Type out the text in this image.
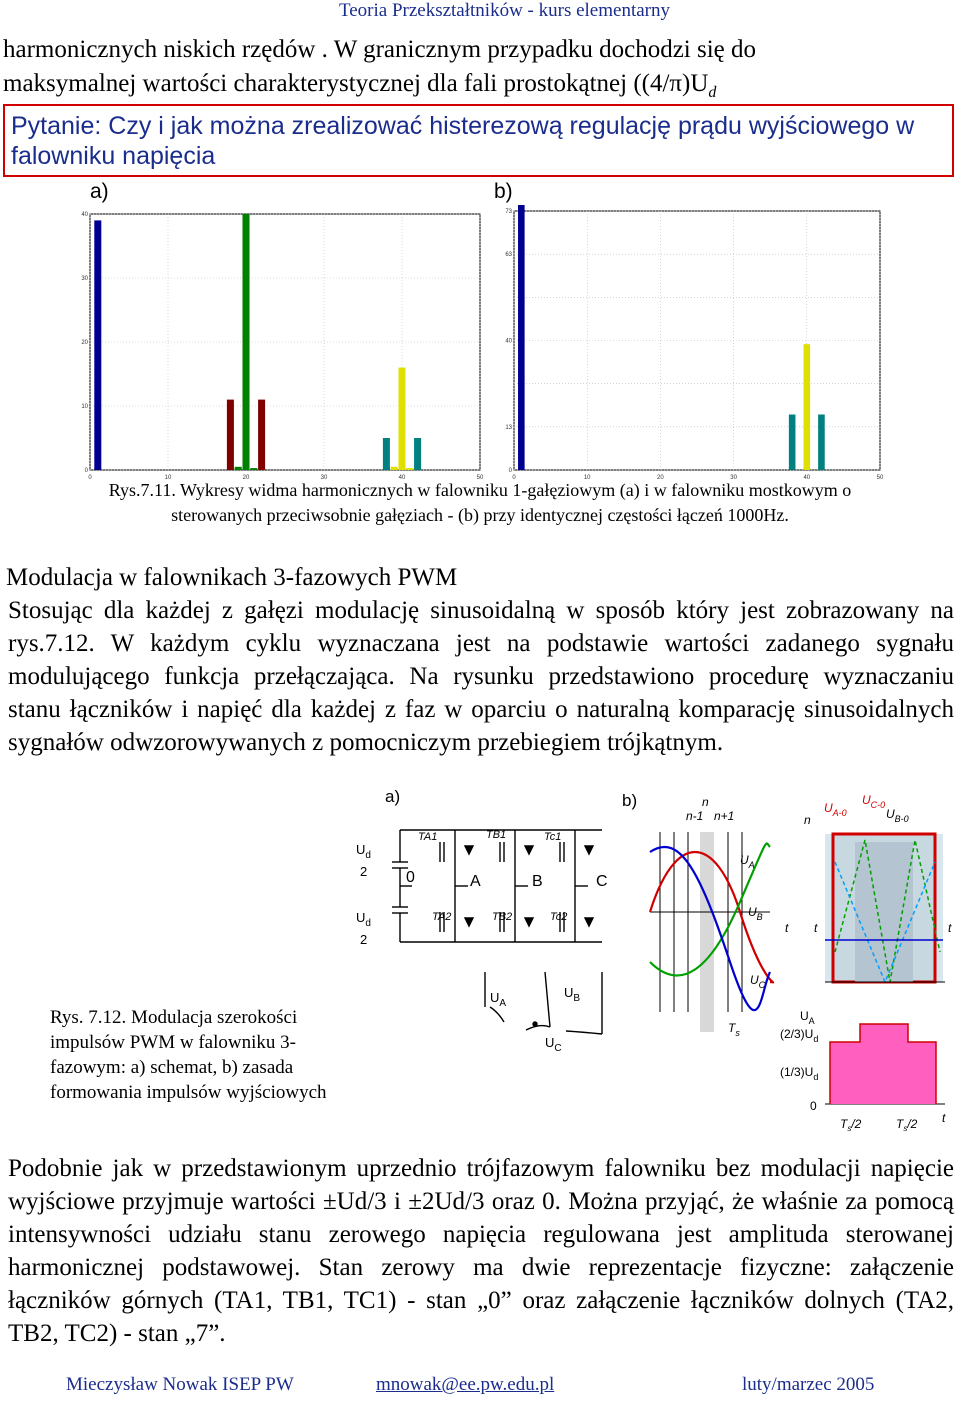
Teoria Przekształtników - kurs elementarny
harmonicznych niskich rzędów . W granicznym przypadku dochodzi się do
maksymalnej wartości charakterystycznej dla fali prostokątnej ($(4/\pi)U_d$
Pytanie: Czy i jak można zrealizować histerezową regulację prądu wyjściowego w falowniku napięcia
a)	b)
0	10	20	30	40	50
0
10
20
30
40
0	10	20	30	40	50
0
13
40
63
73
Rys.7.11. Wykresy widma harmonicznych w falowniku 1-gałęziowym (a) i w falowniku mostkowym o
sterowanych przeciwsobnie gałęziach - (b) przy identycznej częstości łączeń 1000Hz.
Modulacja w falownikach 3-fazowych PWM
Stosując dla każdej z gałęzi modulację sinusoidalną w sposób który jest zobrazowany na rys.7.12. W każdym cyklu wyznaczana jest na podstawie wartości zadanego sygnału modulującego funkcja przełączająca. Na rysunku przedstawiono procedurę wyznaczaniu stanu łączników i napięć dla każdej z faz w oparciu o naturalną komparację sinusoidalnych sygnałów odwzorowywanych z pomocniczym przebiegiem trójkątnym.
a)	b)
$U_d$
2
$U_d$
2
0
TA1	TB1	Tc1
TA2	TB2	Tc2
A	B	C
$U_A$
$U_B$
$U_C$
n
n-1 n+1
$U_A$
$U_B$
$U_C$
t
$T_s$
n
$U_{A-0}$
$U_{C-0}$
$U_{B-0}$
t
t
$U_A$
$(2/3)U_d$
$(1/3)U_d$
0
$T_s/2$	$T_s/2$ t
Rys. 7.12. Modulacja szerokości impulsów PWM w falowniku 3-fazowym: a) schemat, b) zasada formowania impulsów wyjściowych
Podobnie jak w przedstawionym uprzednio trójfazowym falowniku bez modulacji napięcie wyjściowe przyjmuje wartości ±Ud/3 i ±2Ud/3 oraz 0. Można przyjąć, że właśnie za pomocą intensywności udziału stanu zerowego napięcia regulowana jest amplituda sterowanej harmonicznej podstawowej. Stan zerowy ma dwie reprezentacje fizyczne: załączenie łączników górnych (TA1, TB1, TC1) - stan „0” oraz załączenie łączników dolnych (TA2, TB2, TC2) - stan „7”.
Mieczysław Nowak ISEP PW	mnowak@ee.pw.edu.pl	luty/marzec 2005
